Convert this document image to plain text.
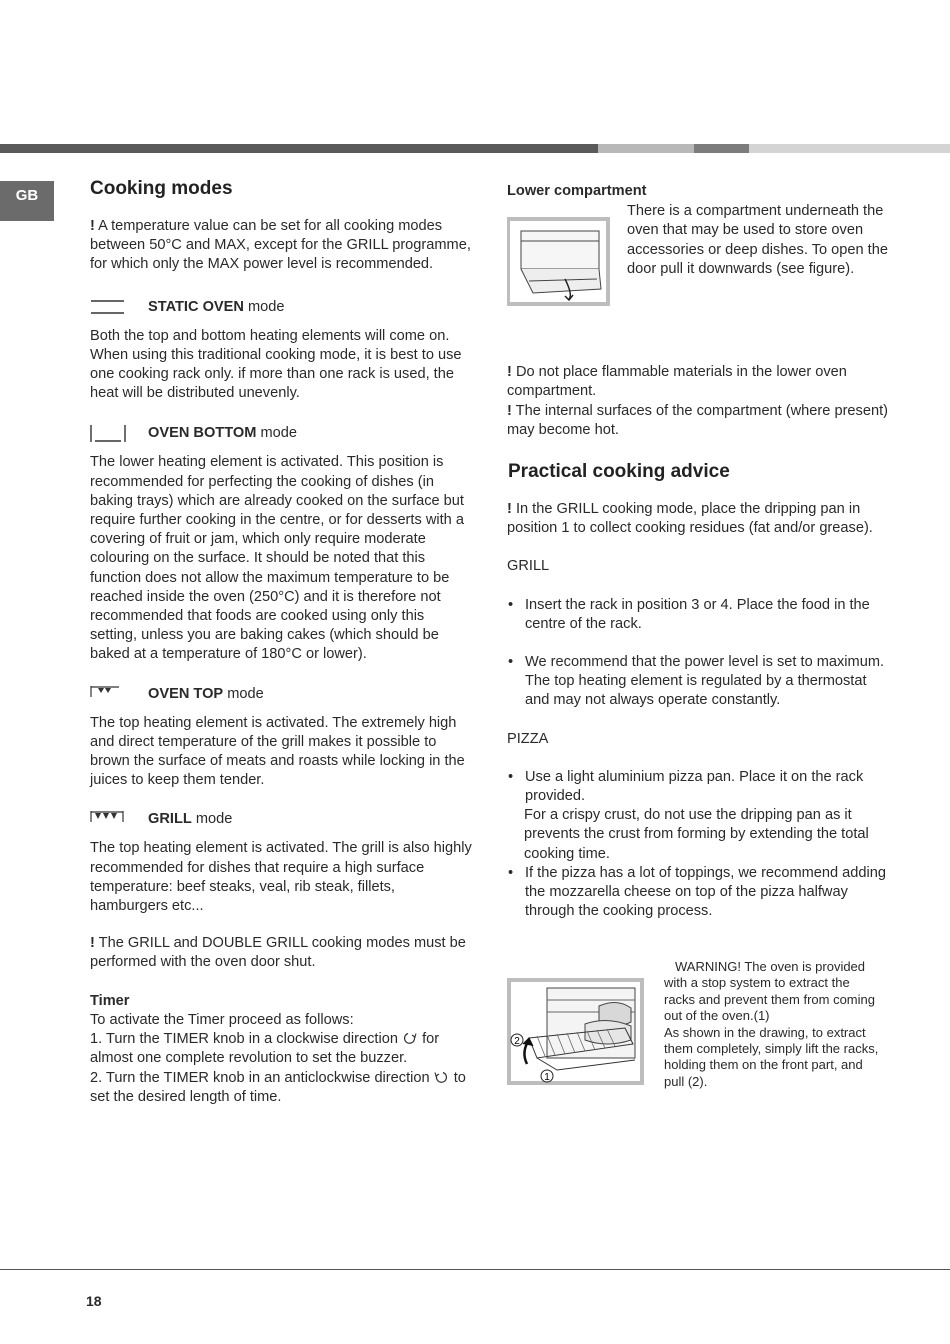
GB	Cooking modes

! A temperature value can be set for all cooking modes between 50°C and MAX, except for the GRILL programme, for which only the MAX power level is recommended.

STATIC OVEN mode

Both the top and bottom heating elements will come on. When using this traditional cooking mode, it is best to use one cooking rack only. if more than one rack is used, the heat will be distributed unevenly.

OVEN BOTTOM mode

The lower heating element is activated. This position is recommended for perfecting the cooking of dishes (in baking trays) which are already cooked on the surface but require further cooking in the centre, or for desserts with a covering of fruit or jam, which only require moderate colouring on the surface. It should be noted that this function does not allow the maximum temperature to be reached inside the oven (250°C) and it is therefore not recommended that foods are cooked using only this setting, unless you are baking cakes (which should be baked at a temperature of 180°C or lower).

OVEN TOP mode

The top heating element is activated. The extremely high and direct temperature of the grill makes it possible to brown the surface of meats and roasts while locking in the juices to keep them tender.

GRILL mode

The top heating element is activated. The grill is also highly recommended for dishes that require a high surface temperature: beef steaks, veal, rib steak, fillets, hamburgers etc...

! The GRILL and DOUBLE GRILL cooking modes must be performed with the oven door shut.

Timer

To activate the Timer proceed as follows:

1. Turn the TIMER knob in a clockwise direction for almost one complete revolution to set the buzzer.

2. Turn the TIMER knob in an anticlockwise direction to set the desired length of time.

Lower compartment

There is a compartment underneath the oven that may be used to store oven accessories or deep dishes. To open the door pull it downwards (see figure).

! Do not place flammable materials in the lower oven compartment.

! The internal surfaces of the compartment (where present) may become hot.

Practical cooking advice

! In the GRILL cooking mode, place the dripping pan in position 1 to collect cooking residues (fat and/or grease).

GRILL

• Insert the rack in position 3 or 4. Place the food in the centre of the rack.
• We recommend that the power level is set to maximum. The top heating element is regulated by a thermostat and may not always operate constantly.

PIZZA

• Use a light aluminium pizza pan. Place it on the rack provided.
For a crispy crust, do not use the dripping pan as it prevents the crust from forming by extending the total cooking time.
• If the pizza has a lot of toppings, we recommend adding the mozzarella cheese on top of the pizza halfway through the cooking process.
2
1

WARNING! The oven is provided with a stop system to extract the racks and prevent them from coming out of the oven.(1)

As shown in the drawing, to extract them completely, simply lift the racks, holding them on the front part, and pull (2).

18
